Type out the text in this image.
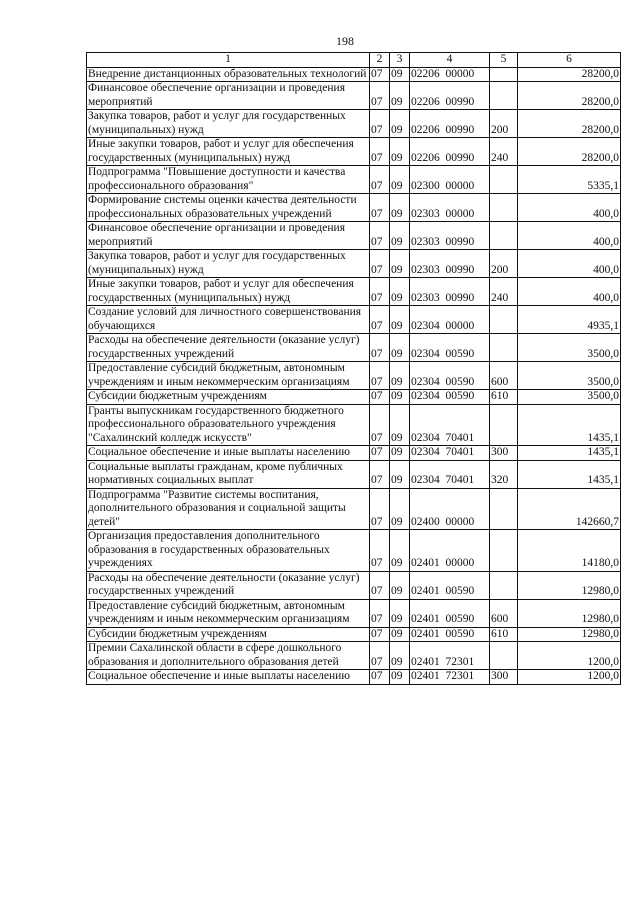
198
1	2	3	4	5	6
Внедрение дистанционных образовательных технологий	07	09	02206  00000		28200,0
Финансовое обеспечение организации и проведения мероприятий	07	09	02206  00990		28200,0
Закупка товаров, работ и услуг для государственных (муниципальных) нужд	07	09	02206  00990	200	28200,0
Иные закупки товаров, работ и услуг для обеспечения государственных (муниципальных) нужд	07	09	02206  00990	240	28200,0
Подпрограмма "Повышение доступности и качества профессионального образования"	07	09	02300  00000		5335,1
Формирование системы оценки качества деятельности профессиональных образовательных учреждений	07	09	02303  00000		400,0
Финансовое обеспечение организации и проведения мероприятий	07	09	02303  00990		400,0
Закупка товаров, работ и услуг для государственных (муниципальных) нужд	07	09	02303  00990	200	400,0
Иные закупки товаров, работ и услуг для обеспечения государственных (муниципальных) нужд	07	09	02303  00990	240	400,0
Создание условий для личностного совершенствования обучающихся	07	09	02304  00000		4935,1
Расходы на обеспечение деятельности (оказание услуг) государственных учреждений	07	09	02304  00590		3500,0
Предоставление субсидий бюджетным, автономным учреждениям и иным некоммерческим организациям	07	09	02304  00590	600	3500,0
Субсидии бюджетным учреждениям	07	09	02304  00590	610	3500,0
Гранты выпускникам государственного бюджетного профессионального образовательного учреждения "Сахалинский колледж искусств"	07	09	02304  70401		1435,1
Социальное обеспечение и иные выплаты населению	07	09	02304  70401	300	1435,1
Социальные выплаты гражданам, кроме публичных нормативных социальных выплат	07	09	02304  70401	320	1435,1
Подпрограмма "Развитие системы воспитания, дополнительного образования и социальной защиты детей"	07	09	02400  00000		142660,7
Организация предоставления дополнительного образования в государственных образовательных учреждениях	07	09	02401  00000		14180,0
Расходы на обеспечение деятельности (оказание услуг) государственных учреждений	07	09	02401  00590		12980,0
Предоставление субсидий бюджетным, автономным учреждениям и иным некоммерческим организациям	07	09	02401  00590	600	12980,0
Субсидии бюджетным учреждениям	07	09	02401  00590	610	12980,0
Премии Сахалинской области в сфере дошкольного образования и дополнительного образования детей	07	09	02401  72301		1200,0
Социальное обеспечение и иные выплаты населению	07	09	02401  72301	300	1200,0
